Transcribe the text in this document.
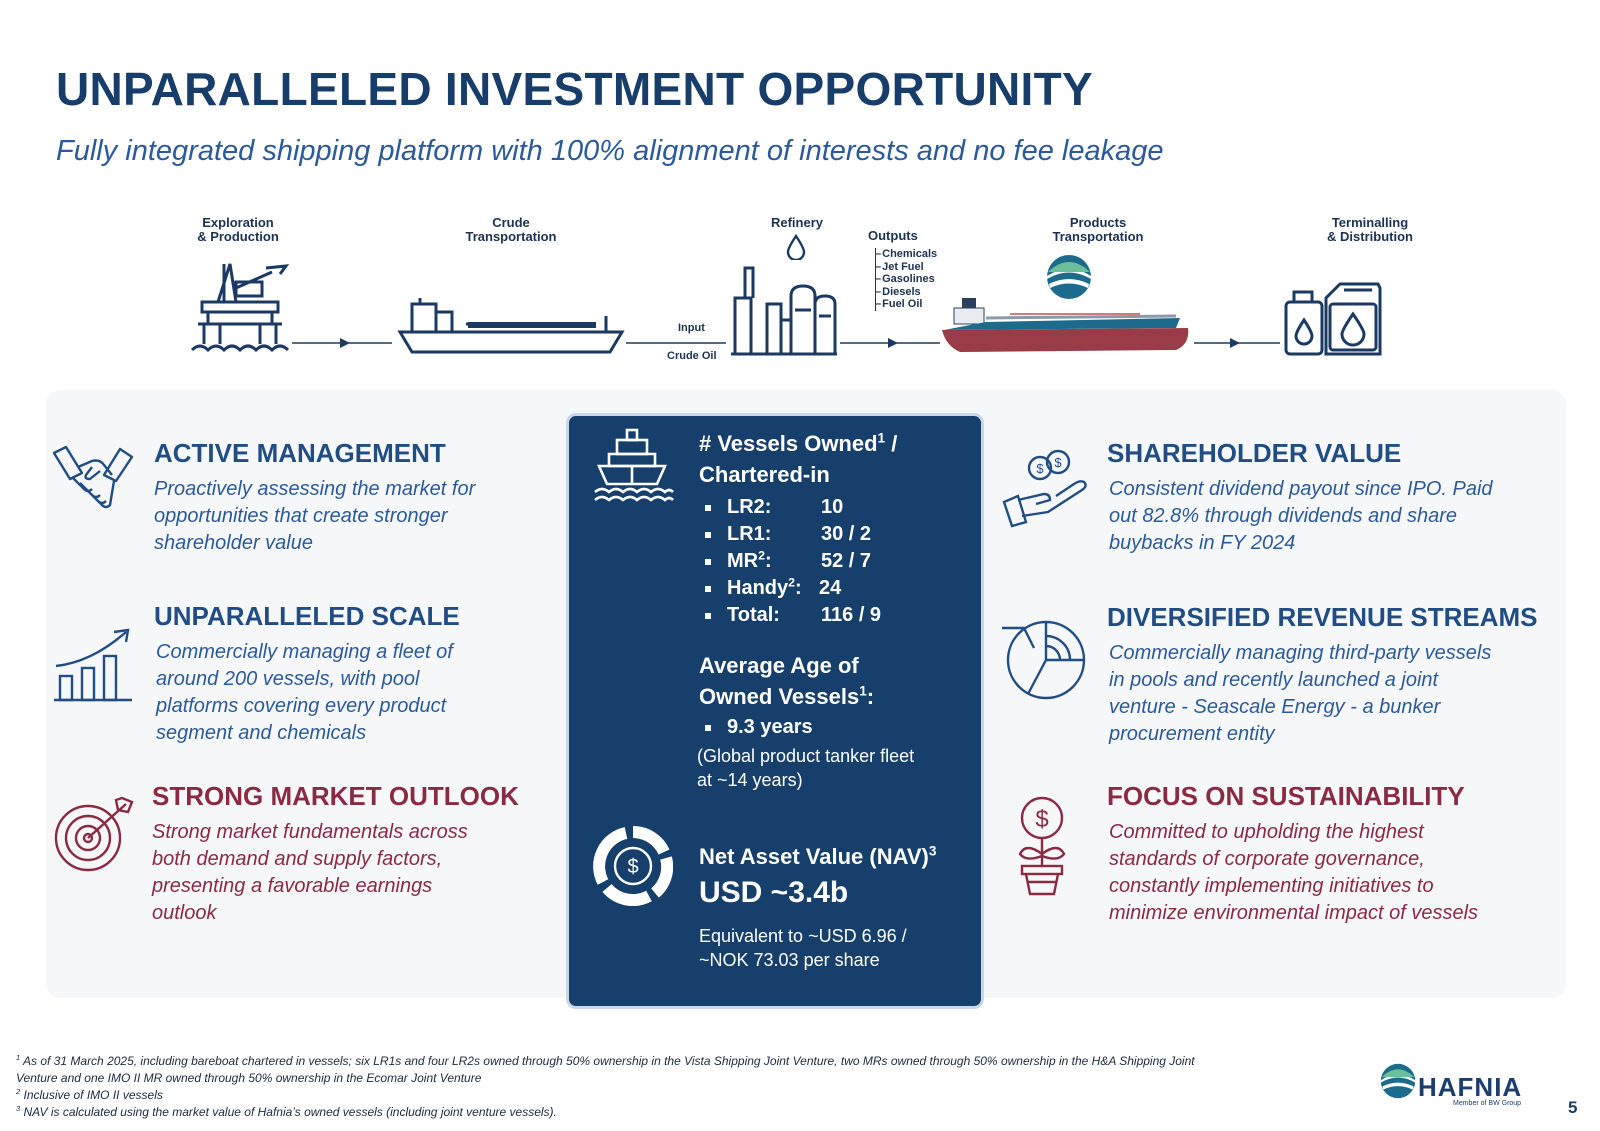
UNPARALLELED INVESTMENT OPPORTUNITY
Fully integrated shipping platform with 100% alignment of interests and no fee leakage
Exploration
& Production
Crude
Transportation
Refinery	Products
Transportation
Terminalling
& Distribution
Outputs
– Chemicals
– Jet Fuel
– Gasolines
– Diesels
– Fuel Oil
Input
Crude Oil
ACTIVE MANAGEMENT
Proactively assessing the market for
opportunities that create stronger
shareholder value
UNPARALLELED SCALE
Commercially managing a fleet of
around 200 vessels, with pool
platforms covering every product
segment and chemicals
STRONG MARKET OUTLOOK
Strong market fundamentals across
both demand and supply factors,
presenting a favorable earnings
outlook
# Vessels Owned$^1$ /
Chartered-in
LR2: 10
LR1: 30 / 2
$MR^2$: 52 / 7
Handy$^2$: 24
Total: 116 / 9
Average Age of
Owned Vessels$^1$:
9.3 years
(Global product tanker fleet
at ~14 years)
$	Net Asset Value (NAV)$^3$
USD ~3.4b
Equivalent to ~USD 6.96 /
~NOK 73.03 per share
$ $
$
SHAREHOLDER VALUE
Consistent dividend payout since IPO. Paid
out 82.8% through dividends and share
buybacks in FY 2024
DIVERSIFIED REVENUE STREAMS
Commercially managing third-party vessels
in pools and recently launched a joint
venture - Seascale Energy - a bunker
procurement entity
FOCUS ON SUSTAINABILITY
Committed to upholding the highest
standards of corporate governance,
constantly implementing initiatives to
minimize environmental impact of vessels
$^1$ As of 31 March 2025, including bareboat chartered in vessels; six LR1s and four LR2s owned through 50% ownership in the Vista Shipping Joint Venture, two MRs owned through 50% ownership in the H&A Shipping Joint
Venture and one IMO II MR owned through 50% ownership in the Ecomar Joint Venture
$^2$ Inclusive of IMO II vessels
$^3$ NAV is calculated using the market value of Hafnia’s owned vessels (including joint venture vessels).
HAFNIA
Member of BW Group	5
